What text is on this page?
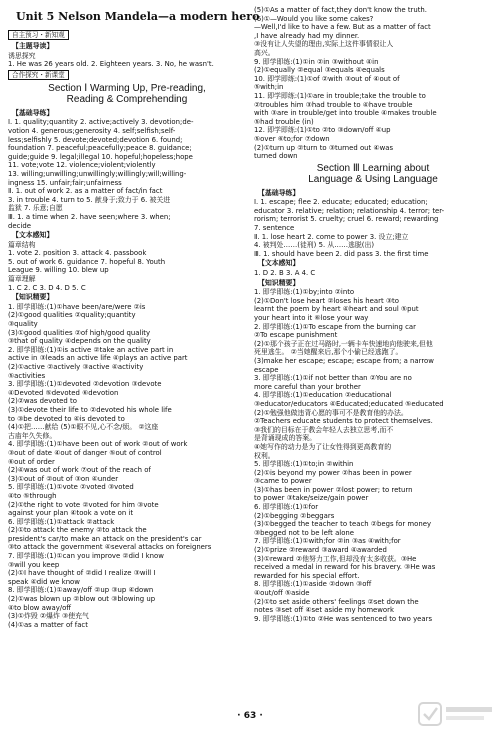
Unit 5 Nelson Mandela—a modern hero
自主预习・新知观
【 主题导读 】
诱思探究
1. He was 26 years old. 2. Eighteen years. 3. No, he wasn't.
合作探究・新课堂
Section Ⅰ Warming Up, Pre-reading,
Reading & Comprehending
【 基础导练 】
Ⅰ. 1. quality;quantity 2. active;actively 3. devotion;de-
votion 4. generous;generosity 4. self;selfish;self-
less;selfishly 5. devote;devoted;devotion 6. found;
foundation 7. peaceful;peacefully;peace 8. guidance;
guide;guide 9. legal;illegal 10. hopeful;hopeless;hope
11. vote;vote 12. violence;violent;violently
13. willing;unwilling;unwillingly;willingly;will;willing-
ingness 15. unfair;fair;unfairness
Ⅱ. 1. out of work 2. as a matter of fact/in fact
3. in trouble 4. turn to 5. 献身于;致力于 6. 被关进
监狱 7. 乐意;自愿
Ⅲ. 1. a time when 2. have seen;where 3. when;
decide
【 文本感知 】
篇章结构
1. vote 2. position 3. attack 4. passbook
5. out of work 6. guidance 7. hopeful 8. Youth
League 9. willing 10. blew up
篇章理解
1. C 2. C 3. D 4. D 5. C
【 知识精要 】
1. 即学即练:(1)①have been/are/were ②is
(2)①good qualities ②quality;quantity
③quality
(3)①good qualities ②of high/good quality
③that of quality ④depends on the quality
2. 即学即练:(1)①is active ②take an active part in
active in ③leads an active life ④plays an active part
(2)①active ②actively ③active ④activity
⑤activities
3. 即学即练:(1)①devoted ②devotion ③devote
④Devoted ⑤devoted ⑥devotion
(2)②was devoted to
(3)①devote their life to ②devoted his whole life
to ③be devoted to ④is devoted to
(4)①把……献给 (5)①眼不见,心不念/烦。 ②这座
古庙年久失修。
4. 即学即练:(1)①have been out of work ②out of work
③out of date ④out of danger ⑤out of control
⑥out of order
(2)④was out of work ⑦out of the reach of
(3)①out of ②out of ③on ④under
5. 即学即练:(1)①vote ②voted ③voted
④to ⑤through
(2)①the right to vote ②voted for him ③vote
against your plan ④took a vote on it
6. 即学即练:(1)①attack ②attack
(2)①to attack the enemy ②to attack the
president's car/to make an attack on the president's car
③to attack the government ④several attacks on foreigners
7. 即学即练:(1)①can you improve ②did I know
③will you keep
(2)①I have thought of ②did I realize ③will I
speak ④did we know
8. 即学即练:(1)①away/off ②up ③up ④down
(2)①was blown up ②blow out ③blowing up
④to blow away/off
(3)①炸毁 ②爆炸 ③使充气
(4)①as a matter of fact
(5)①As a matter of fact,they don't know the truth.
(6)①—Would you like some cakes?
—Well,I'd like to have a few. But as a matter of fact
,I have already had my dinner.
③没有让人失望的理由,实际上这件事情很让人
高兴。
9. 即学即练:(1)①in ②in ③without ④in
(2)①equally ②equal ③equals ④equals
10. 即学即练:(1)①of ②with ③out of ④out of
⑤with;in
11. 即学即练:(1)①are in trouble;take the trouble to
②troubles him ③had trouble to ④have trouble
with ③are in trouble/get into trouble ④makes trouble
⑤had trouble (in)
12. 即学即练:(1)①to ②to ③down/off ④up
⑤over ⑥to;for ⑦down
(2)①turn up ②turn to ③turned out ④was
turned down
Section Ⅲ Learning about
Language & Using Language
【 基础导练 】
Ⅰ. 1. escape; flee 2. educate; educated; education;
educator 3. relative; relation; relationship 4. terror; ter-
rorism; terrorist 5. cruelty; cruel 6. reward; rewarding
7. sentence
Ⅱ. 1. lose heart 2. come to power 3. 设立;建立
4. 被判处……(徒刑) 5. 从……逃脱(出)
Ⅲ. 1. should have been 2. did pass 3. the first time
【 文本感知 】
1. D 2. B 3. A 4. C
【 知识精要 】
1. 即学即练:(1)①by;into ②into
(2)①Don't lose heart ②loses his heart ③to
learnt the poem by heart ④heart and soul ⑤put
your heart into it ⑥lose your way
2. 即学即练:(1)①To escape from the burning car
②To escape punishment
(2)①那个孩子正在过马路时,一辆卡车快速地向他驶来,但他
死里逃生。 ②当她醒来后,那个小偷已经逃跑了。
(3)make her escape; escape; escape from; a narrow
escape
3. 即学即练:(1)①if not better than ②You are no
more careful than your brother
4. 即学即练:(1)①education ②educational
③educator/educators ④Educated;educated ⑤educated
(2)①勉强他做违背心愿的事可不是教育他的办法。
②Teachers educate students to protect themselves.
③我们的目标在于教会年轻人去独立思考,而不
是背诵现成的答案。
④她写作的动力是为了让女性得到更高教育的
权利。
5. 即学即练:(1)①to;in ②within
(2)①is beyond my power ②has been in power
③came to power
(3)①has been in power ②lost power; to return
to power ③take/seize/gain power
6. 即学即练:(1)①for
(2)①begging ②beggars
(3)①begged the teacher to teach ②begs for money
③begged not to be left alone
7. 即学即练:(1)①with;for ②in ③as ④with;for
(2)①prize ②reward ③award ④awarded
(3)①reward ②他努力工作,但却没有太多收获。③He
received a medal in reward for his bravery. ③He was
rewarded for his special effort.
8. 即学即练:(1)①aside ②down ③off
④out/off ⑤aside
(2)①to set aside others' feelings ②set down the
notes ③set off ④set aside my homework
9. 即学即练:(1)①to ②He was sentenced to two years
· 63 ·
